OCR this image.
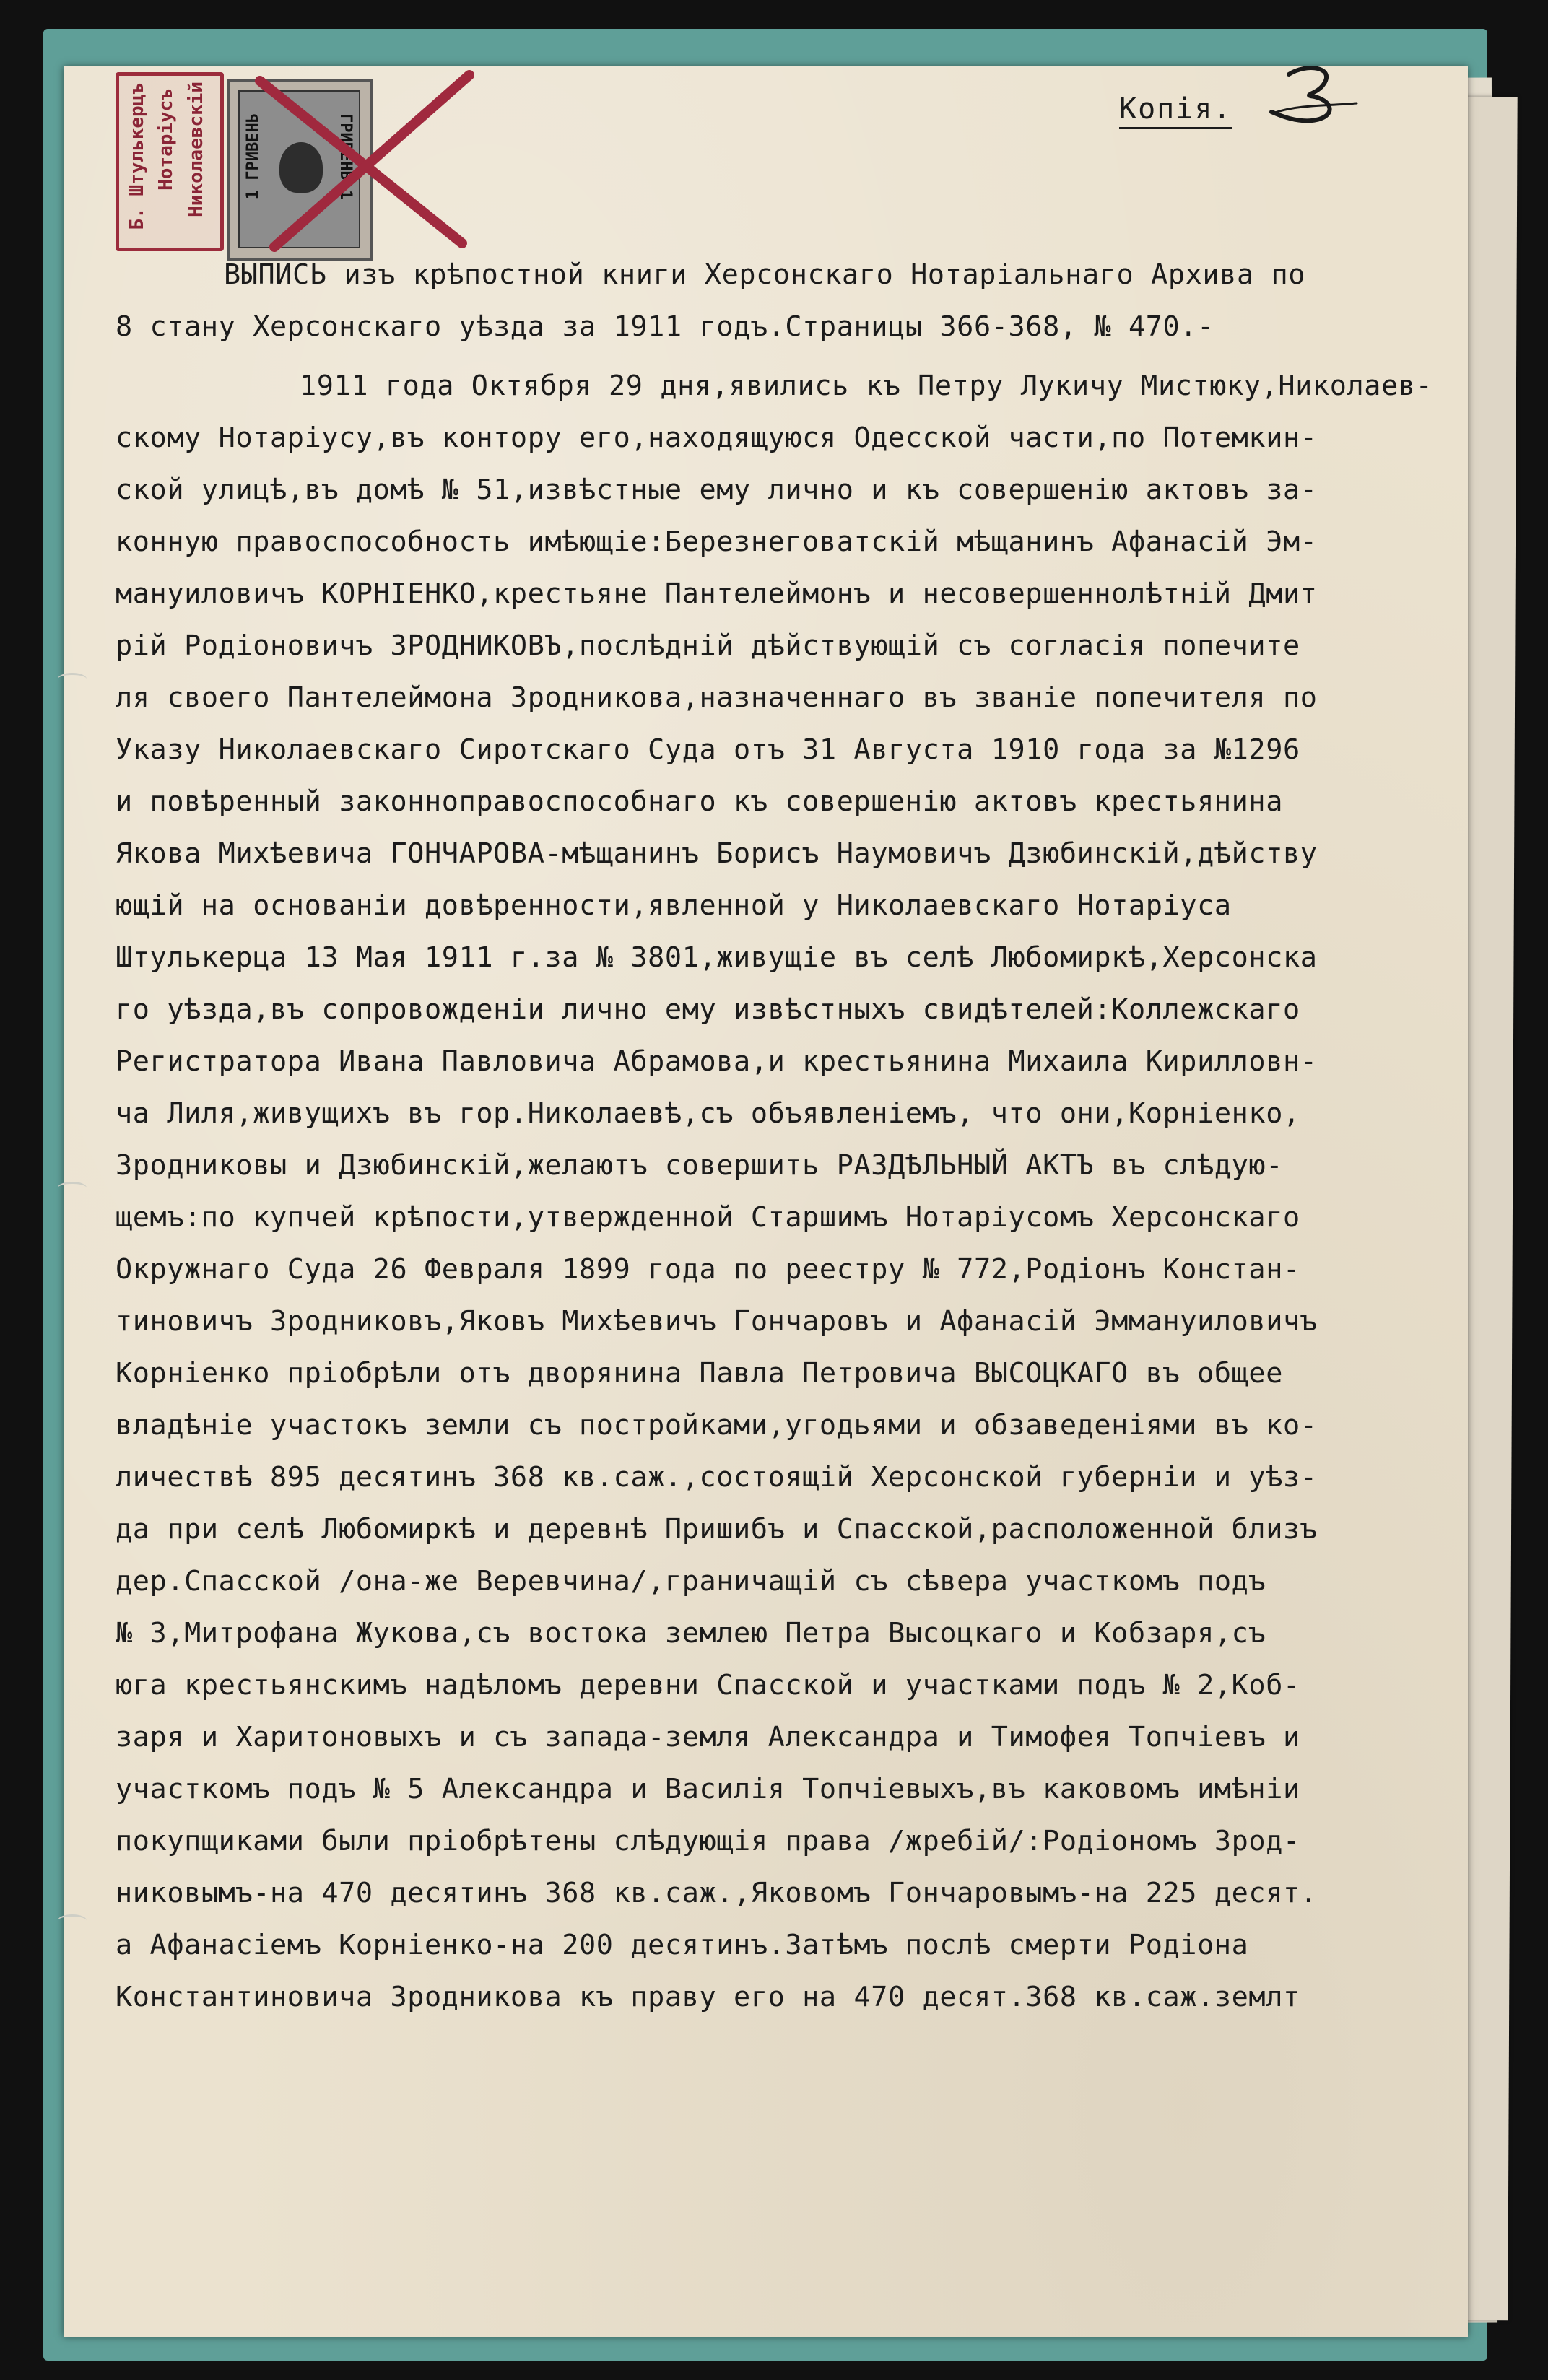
Б. Штулькерцъ Нотаріусъ Николаевскій 1 ГРИВЕНЬ	ГРИВЕНЬ 1
Копія.
ВЫПИСЬ изъ крѣпостной книги Херсонскаго Нотаріальнаго Архива по
8 стану Херсонскаго уѣзда за 1911 годъ.Страницы 366-368, № 470.-
1911 года Октября 29 дня,явились къ Петру Лукичу Мистюку,Николаев-
скому Нотаріусу,въ контору его,находящуюся Одесской части,по Потемкин-
ской улицѣ,въ домѣ № 51,извѣстные ему лично и къ совершенію актовъ за-
конную правоспособность имѣющіе:Березнеговатскій мѣщанинъ Афанасій Эм-
мануиловичъ КОРНІЕНКО,крестьяне Пантелеймонъ и несовершеннолѣтній Дмит
рій Родіоновичъ ЗРОДНИКОВЪ,послѣдній дѣйствующій съ согласія попечите
ля своего Пантелеймона Зродникова,назначеннаго въ званіе попечителя по
Указу Николаевскаго Сиротскаго Суда отъ 31 Августа 1910 года за №1296
и повѣренный законноправоспособнаго къ совершенію актовъ крестьянина
Якова Михѣевича ГОНЧАРОВА-мѣщанинъ Борисъ Наумовичъ Дзюбинскій,дѣйству
ющій на основаніи довѣренности,явленной у Николаевскаго Нотаріуса
Штулькерца 13 Мая 1911 г.за № 3801,живущіе въ селѣ Любомиркѣ,Херсонска
го уѣзда,въ сопровожденіи лично ему извѣстныхъ свидѣтелей:Коллежскаго
Регистратора Ивана Павловича Абрамова,и крестьянина Михаила Кирилловн-
ча Лиля,живущихъ въ гор.Николаевѣ,съ объявленіемъ, что они,Корніенко,
Зродниковы и Дзюбинскій,желаютъ совершить РАЗДѢЛЬНЫЙ АКТЪ въ слѣдую-
щемъ:по купчей крѣпости,утвержденной Старшимъ Нотаріусомъ Херсонскаго
Окружнаго Суда 26 Февраля 1899 года по реестру № 772,Родіонъ Констан-
тиновичъ Зродниковъ,Яковъ Михѣевичъ Гончаровъ и Афанасій Эммануиловичъ
Корніенко пріобрѣли отъ дворянина Павла Петровича ВЫСОЦКАГО въ общее
владѣніе участокъ земли съ постройками,угодьями и обзаведеніями въ ко-
личествѣ 895 десятинъ 368 кв.саж.,состоящій Херсонской губерніи и уѣз-
да при селѣ Любомиркѣ и деревнѣ Пришибъ и Спасской,расположенной близъ
дер.Спасской /она-же Веревчина/,граничащій съ сѣвера участкомъ подъ
№ 3,Митрофана Жукова,съ востока землею Петра Высоцкаго и Кобзаря,съ
юга крестьянскимъ надѣломъ деревни Спасской и участками подъ № 2,Коб-
заря и Харитоновыхъ и съ запада-земля Александра и Тимофея Топчіевъ и
участкомъ подъ № 5 Александра и Василія Топчіевыхъ,въ каковомъ имѣніи
покупщиками были пріобрѣтены слѣдующія права /жребій/:Родіономъ Зрод-
никовымъ-на 470 десятинъ 368 кв.саж.,Яковомъ Гончаровымъ-на 225 десят.
а Афанасіемъ Корніенко-на 200 десятинъ.Затѣмъ послѣ смерти Родіона
Константиновича Зродникова къ праву его на 470 десят.368 кв.саж.землт
